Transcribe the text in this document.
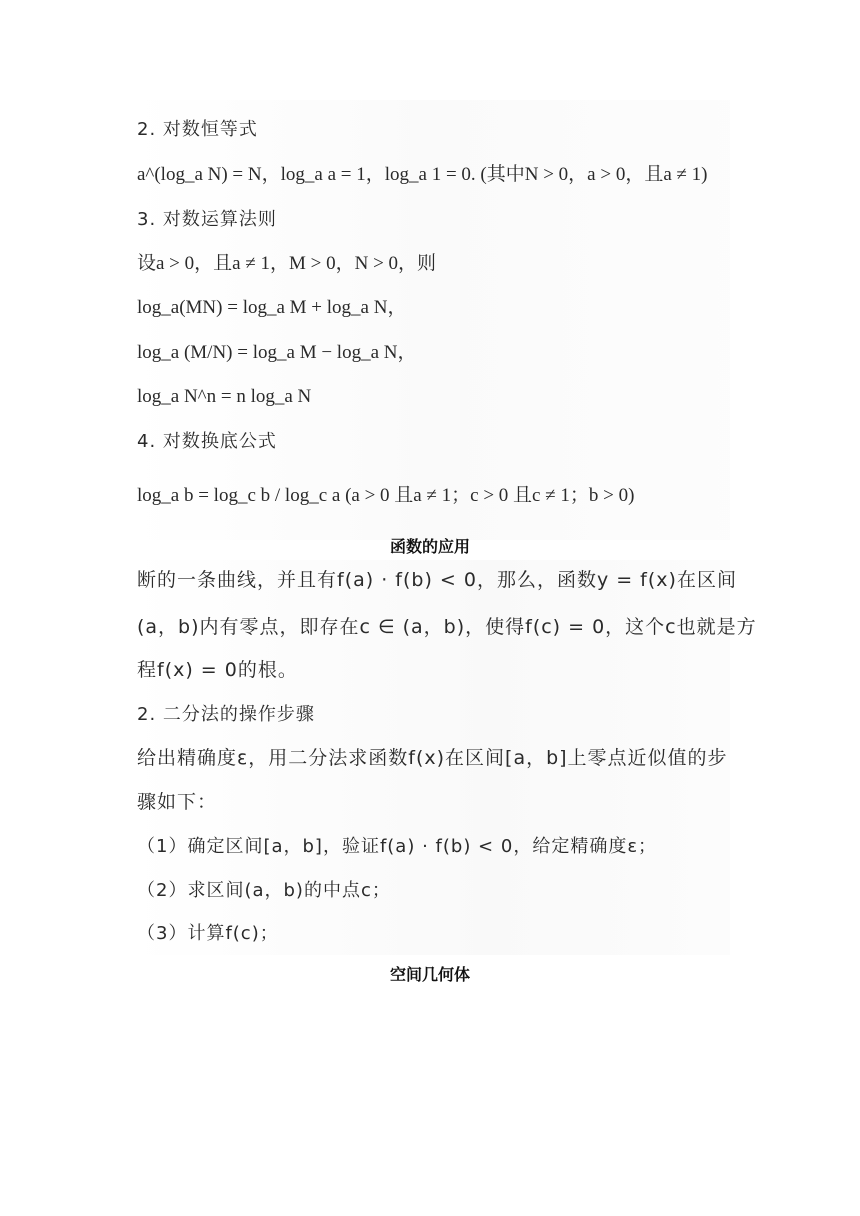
2. 对数恒等式
a^(log_a N) = N，log_a a = 1，log_a 1 = 0. (其中N > 0，a > 0，且a ≠ 1)
3. 对数运算法则
设a > 0，且a ≠ 1，M > 0，N > 0，则
log_a(MN) = log_a M + log_a N，
log_a (M/N) = log_a M − log_a N，
log_a N^n = n log_a N
4. 对数换底公式
log_a b = log_c b / log_c a (a > 0 且a ≠ 1；c > 0 且c ≠ 1；b > 0)
函数的应用
断的一条曲线，并且有f(a) · f(b) < 0，那么，函数y = f(x)在区间
(a，b)内有零点，即存在c ∈ (a，b)，使得f(c) = 0，这个c也就是方
程f(x) = 0的根。
2. 二分法的操作步骤
给出精确度ε，用二分法求函数f(x)在区间[a，b]上零点近似值的步
骤如下：
（1）确定区间[a，b]，验证f(a) · f(b) < 0，给定精确度ε；
（2）求区间(a，b)的中点c；
（3）计算f(c)；
空间几何体
